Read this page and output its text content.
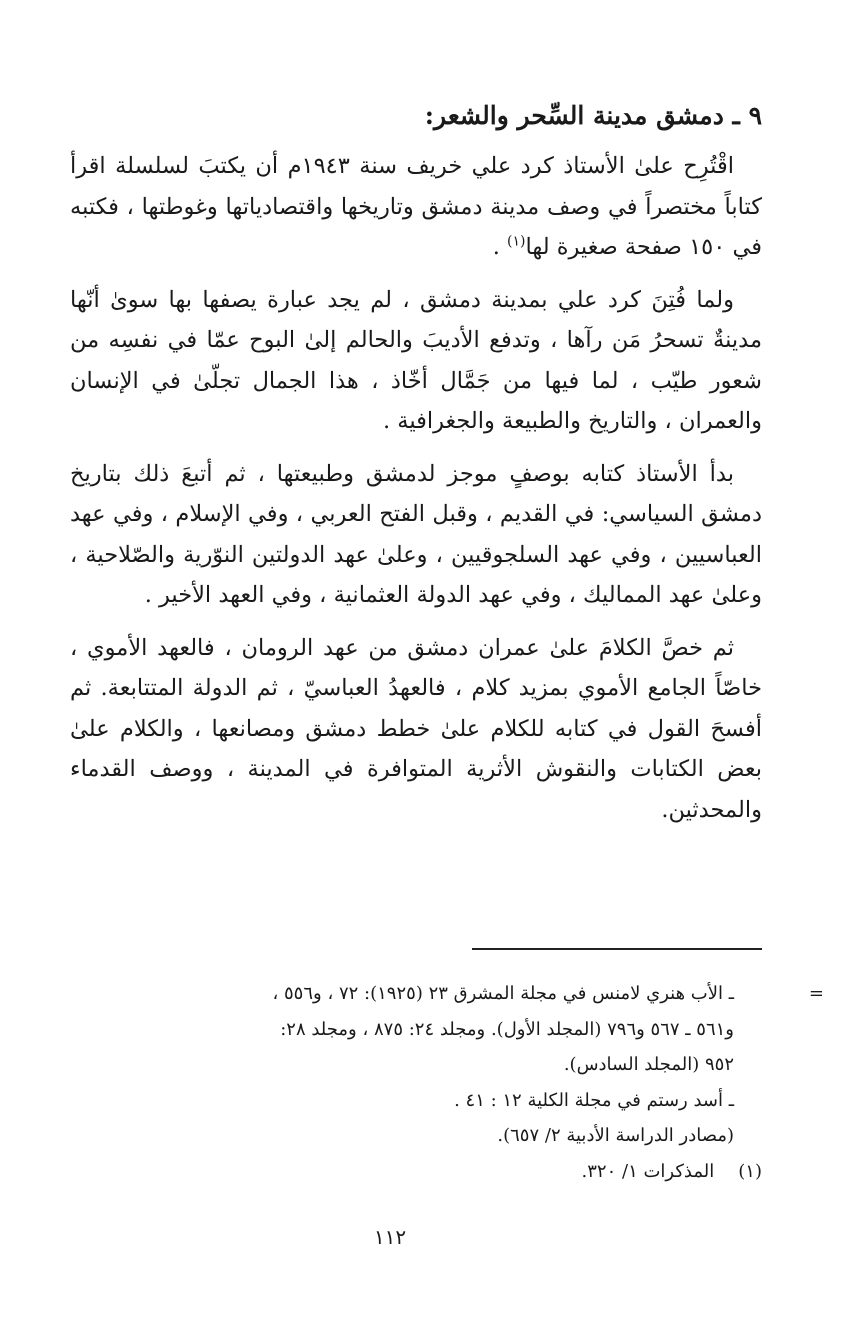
٩ ـ دمشق مدينة السِّحر والشعر:

اقْتُرِح علىٰ الأستاذ كرد علي خريف سنة ١٩٤٣م أن يكتبَ لسلسلة اقرأ كتاباً مختصراً في وصف مدينة دمشق وتاريخها واقتصادياتها وغوطتها ، فكتبه في ١٥٠ صفحة صغيرة لها$^{(١)}$ .

ولما فُتِنَ كرد علي بمدينة دمشق ، لم يجد عبارة يصفها بها سوىٰ أنّها مدينةٌ تسحرُ مَن رآها ، وتدفع الأديبَ والحالم إلىٰ البوح عمّا في نفسِه من شعور طيّب ، لما فيها من جَمَّال أخّاذ ، هذا الجمال تجلّىٰ في الإنسان والعمران ، والتاريخ والطبيعة والجغرافية .

بدأ الأستاذ كتابه بوصفٍ موجز لدمشق وطبيعتها ، ثم أتبعَ ذلك بتاريخ دمشق السياسي: في القديم ، وقبل الفتح العربي ، وفي الإسلام ، وفي عهد العباسيين ، وفي عهد السلجوقيين ، وعلىٰ عهد الدولتين النوّرية والصّلاحية ، وعلىٰ عهد المماليك ، وفي عهد الدولة العثمانية ، وفي العهد الأخير .

ثم خصَّ الكلامَ علىٰ عمران دمشق من عهد الرومان ، فالعهد الأموي ، خاصّاً الجامع الأموي بمزيد كلام ، فالعهدُ العباسيّ ، ثم الدولة المتتابعة. ثم أفسحَ القول في كتابه للكلام علىٰ خطط دمشق ومصانعها ، والكلام علىٰ بعض الكتابات والنقوش الأثرية المتوافرة في المدينة ، ووصف القدماء والمحدثين.

=
ـ الأب هنري لامنس في مجلة المشرق ٢٣ (١٩٢٥): ٧٢ ، و٥٥٦ ،
و٥٦١ ـ ٥٦٧ و٧٩٦ (المجلد الأول). ومجلد ٢٤: ٨٧٥ ، ومجلد ٢٨:
٩٥٢ (المجلد السادس).
ـ أسد رستم في مجلة الكلية ١٢ : ٤١ .
(مصادر الدراسة الأدبية ٢/ ٦٥٧).
(١) المذكرات ١/ ٣٢٠.
١١٢
